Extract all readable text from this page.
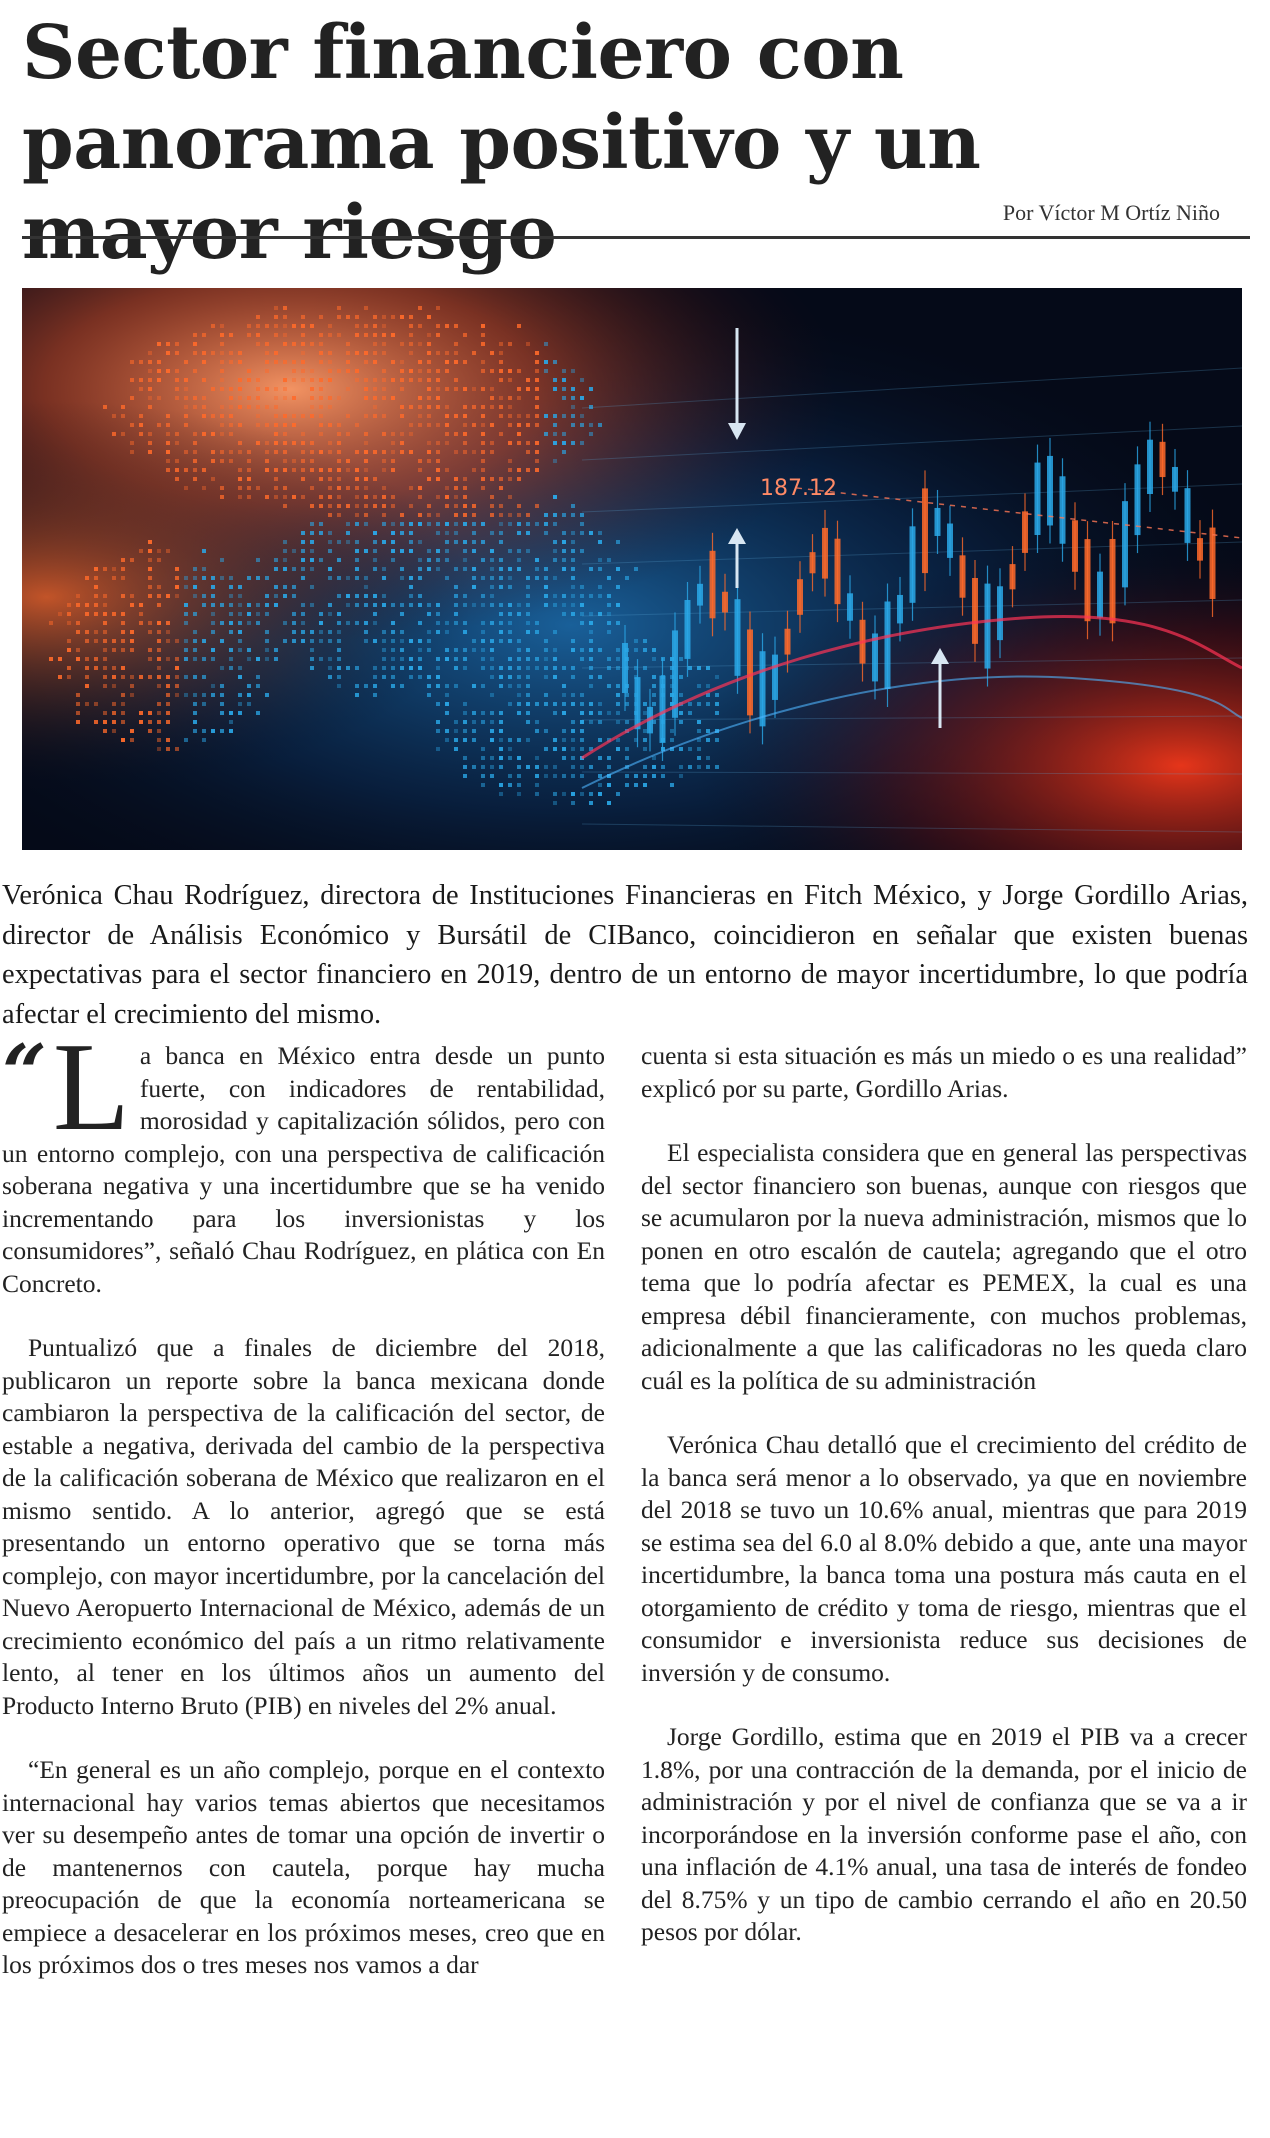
Sector financiero con panorama positivo y un mayor riesgo	Por Víctor M Ortíz Niño
187.12

Verónica Chau Rodríguez, directora de Instituciones Financieras en Fitch México, y Jorge Gordillo Arias, director de Análisis Económico y Bursátil de CIBanco, coincidieron en señalar que existen buenas expectativas para el sector financiero en 2019, dentro de un entorno de mayor incertidumbre, lo que podría afectar el crecimiento del mismo.

“ L a banca en México entra desde un punto fuerte, con indicadores de rentabilidad, morosidad y capitalización sólidos, pero con un entorno complejo, con una perspectiva de calificación soberana negativa y una incertidumbre que se ha venido incrementando para los inversionistas y los consumidores”, señaló Chau Rodríguez, en plática con En Concreto.

Puntualizó que a finales de diciembre del 2018, publicaron un reporte sobre la banca mexicana donde cambiaron la perspectiva de la calificación del sector, de estable a negativa, derivada del cambio de la perspectiva de la calificación soberana de México que realizaron en el mismo sentido. A lo anterior, agregó que se está presentando un entorno operativo que se torna más complejo, con mayor incertidumbre, por la cancelación del Nuevo Aeropuerto Internacional de México, además de un crecimiento económico del país a un ritmo relativamente lento, al tener en los últimos años un aumento del Producto Interno Bruto (PIB) en niveles del 2% anual.

“En general es un año complejo, porque en el contexto internacional hay varios temas abiertos que necesitamos ver su desempeño antes de tomar una opción de invertir o de mantenernos con cautela, porque hay mucha preocupación de que la economía norteamericana se empiece a desacelerar en los próximos meses, creo que en los próximos dos o tres meses nos vamos a dar

cuenta si esta situación es más un miedo o es una realidad” explicó por su parte, Gordillo Arias.

El especialista considera que en general las perspectivas del sector financiero son buenas, aunque con riesgos que se acumularon por la nueva administración, mismos que lo ponen en otro escalón de cautela; agregando que el otro tema que lo podría afectar es PEMEX, la cual es una empresa débil financieramente, con muchos problemas, adicionalmente a que las calificadoras no les queda claro cuál es la política de su administración

Verónica Chau detalló que el crecimiento del crédito de la banca será menor a lo observado, ya que en noviembre del 2018 se tuvo un 10.6% anual, mientras que para 2019 se estima sea del 6.0 al 8.0% debido a que, ante una mayor incertidumbre, la banca toma una postura más cauta en el otorgamiento de crédito y toma de riesgo, mientras que el consumidor e inversionista reduce sus decisiones de inversión y de consumo.

Jorge Gordillo, estima que en 2019 el PIB va a crecer 1.8%, por una contracción de la demanda, por el inicio de administración y por el nivel de confianza que se va a ir incorporándose en la inversión conforme pase el año, con una inflación de 4.1% anual, una tasa de interés de fondeo del 8.75% y un tipo de cambio cerrando el año en 20.50 pesos por dólar.
